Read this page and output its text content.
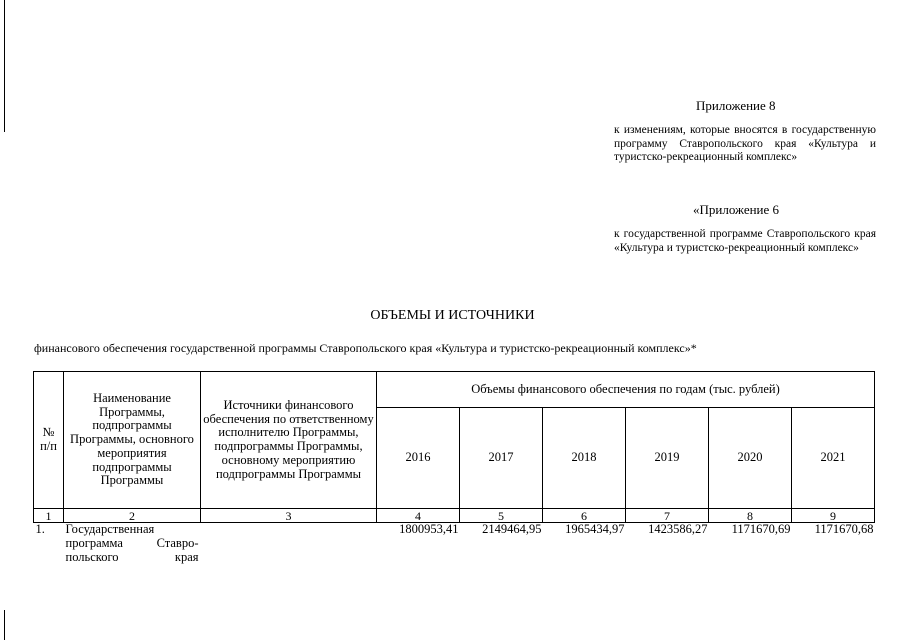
Приложение 8
к изменениям, которые вносятся в государственную программу Ставропольского края «Культура и туристско-рекреационный комплекс»
«Приложение 6
к государственной программе Ставропольского края «Культура и туристско-рекреационный комплекс»
ОБЪЕМЫ И ИСТОЧНИКИ
финансового обеспечения государственной программы Ставропольского края «Культура и туристско-рекреационный комплекс»*
№ п/п	Наименование Программы, подпрограммы Программы, основного мероприятия подпрограммы Программы	Источники финансового обеспечения по ответственному исполнителю Программы, подпрограммы Программы, основному мероприятию подпрограммы Программы	Объемы финансового обеспечения по годам (тыс. рублей)					
			2016	2017	2018	2019	2020	2021
1	2	3	4	5	6	7	8	9
1.	Государственная
программа Ставро-
польского края		1800953,41	2149464,95	1965434,97	1423586,27	1171670,69	1171670,68
